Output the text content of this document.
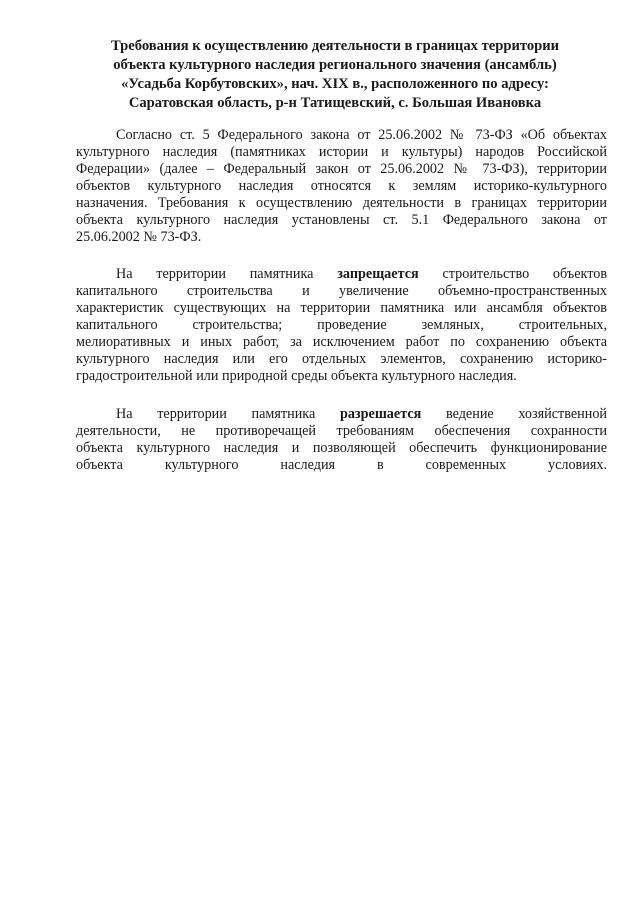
Требования к осуществлению деятельности в границах территории
объекта культурного наследия регионального значения (ансамбль)
«Усадьба Корбутовских», нач. XIX в., расположенного по адресу:
Саратовская область, р-н Татищевский, с. Большая Ивановка
Согласно ст. 5 Федерального закона от 25.06.2002 № 73-ФЗ «Об объектах
культурного наследия (памятниках истории и культуры) народов Российской
Федерации» (далее – Федеральный закон от 25.06.2002 № 73-ФЗ), территории
объектов культурного наследия относятся к землям историко-культурного
назначения. Требования к осуществлению деятельности в границах территории
объекта культурного наследия установлены ст. 5.1 Федерального закона от
25.06.2002 № 73-ФЗ.
На территории памятника запрещается строительство объектов
капитального строительства и увеличение объемно-пространственных
характеристик существующих на территории памятника или ансамбля объектов
капитального строительства; проведение земляных, строительных,
мелиоративных и иных работ, за исключением работ по сохранению объекта
культурного наследия или его отдельных элементов, сохранению историко-
градостроительной или природной среды объекта культурного наследия.
На территории памятника разрешается ведение хозяйственной
деятельности, не противоречащей требованиям обеспечения сохранности
объекта культурного наследия и позволяющей обеспечить функционирование
объекта культурного наследия в современных условиях.
